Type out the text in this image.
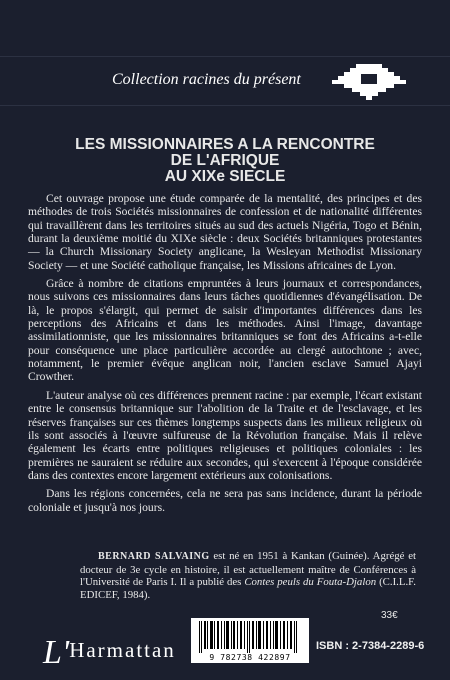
Collection racines du présent
LES MISSIONNAIRES A LA RENCONTRE
DE L'AFRIQUE
AU XIXe SIECLE

Cet ouvrage propose une étude comparée de la mentalité, des principes et des méthodes de trois Sociétés missionnaires de confession et de nationalité différentes qui travaillèrent dans les territoires situés au sud des actuels Nigéria, Togo et Bénin, durant la deuxième moitié du XIXe siècle : deux Sociétés britanniques protestantes — la Church Missionary Society anglicane, la Wesleyan Methodist Missionary Society — et une Société catholique française, les Missions africaines de Lyon.

Grâce à nombre de citations empruntées à leurs journaux et correspondances, nous suivons ces missionnaires dans leurs tâches quotidiennes d'évangélisation. De là, le propos s'élargit, qui permet de saisir d'importantes différences dans les perceptions des Africains et dans les méthodes. Ainsi l'image, davantage assimilationniste, que les missionnaires britanniques se font des Africains a-t-elle pour conséquence une place particulière accordée au clergé autochtone ; avec, notamment, le premier évêque anglican noir, l'ancien esclave Samuel Ajayi Crowther.

L'auteur analyse où ces différences prennent racine : par exemple, l'écart existant entre le consensus britannique sur l'abolition de la Traite et de l'esclavage, et les réserves françaises sur ces thèmes longtemps suspects dans les milieux religieux où ils sont associés à l'œuvre sulfureuse de la Révolution française. Mais il relève également les écarts entre politiques religieuses et politiques coloniales : les premières ne sauraient se réduire aux secondes, qui s'exercent à l'époque considérée dans des contextes encore largement extérieurs aux colonisations.

Dans les régions concernées, cela ne sera pas sans incidence, durant la période coloniale et jusqu'à nos jours.

BERNARD SALVAING est né en 1951 à Kankan (Guinée). Agrégé et docteur de 3e cycle en histoire, il est actuellement maître de Conférences à l'Université de Paris I. Il a publié des Contes peuls du Fouta-Djalon (C.I.L.F. EDICEF, 1984).

33€
L'Harmattan	9 782738 422897
ISBN : 2-7384-2289-6
